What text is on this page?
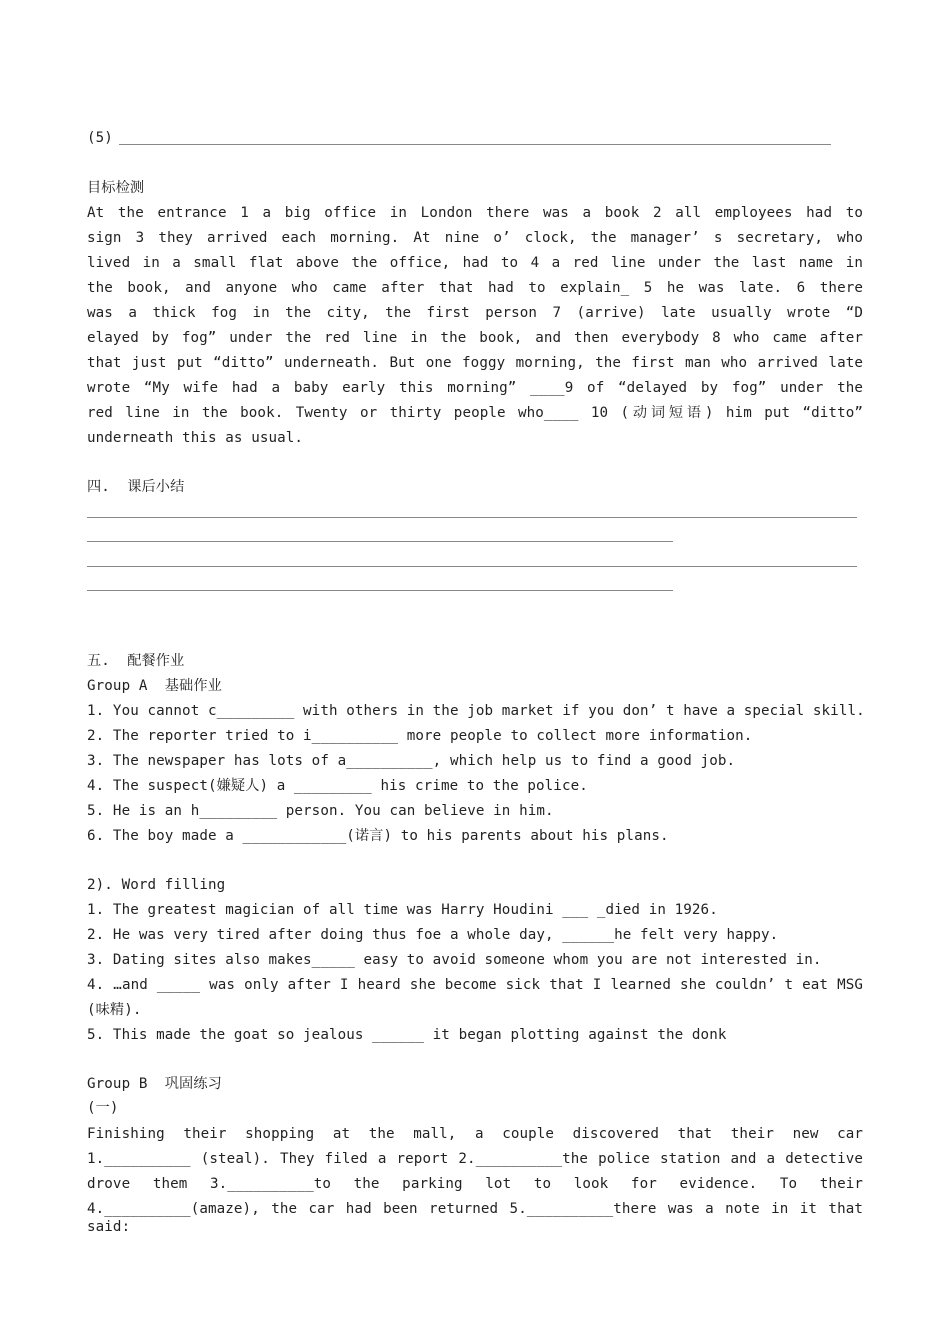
(5)
目标检测
At the entrance 1 a big office in London there was a book 2 all employees had to
sign 3 they arrived each morning. At nine o’ clock, the manager’ s secretary, who
lived in a small flat above the office, had to 4 a red line under the last name in
the book, and anyone who came after that had to explain_ 5 he was late. 6 there
was a thick fog in the city, the first person 7 (arrive) late usually wrote “D
elayed by fog” under the red line in the book, and then everybody 8 who came after
that just put “ditto” underneath. But one foggy morning, the first man who arrived late
wrote “My wife had a baby early this morning” ____9 of “delayed by fog” under the
red line in the book. Twenty or thirty people who____ 10 (动词短语) him put “ditto”
underneath this as usual.
四.  课后小结
五.  配餐作业
Group A  基础作业
1. You cannot c_________ with others in the job market if you don’ t have a special skill.
2. The reporter tried to i__________ more people to collect more information.
3. The newspaper has lots of a__________, which help us to find a good job.
4. The suspect(嫌疑人) a _________ his crime to the police.
5. He is an h_________ person. You can believe in him.
6. The boy made a ____________(诺言) to his parents about his plans.
2). Word filling
1. The greatest magician of all time was Harry Houdini ___ _died in 1926.
2. He was very tired after doing thus foe a whole day, ______he felt very happy.
3. Dating sites also makes_____ easy to avoid someone whom you are not interested in.
4. …and _____ was only after I heard she become sick that I learned she couldn’ t eat MSG
(味精).
5. This made the goat so jealous ______ it began plotting against the donk
Group B  巩固练习
(一)
Finishing their shopping at the mall, a couple discovered that their new car
1.__________ (steal). They filed a report 2.__________the police station and a detective
drove them 3.__________to the parking lot to look for evidence. To their
4.__________(amaze), the car had been returned 5.__________there was a note in it that said:
